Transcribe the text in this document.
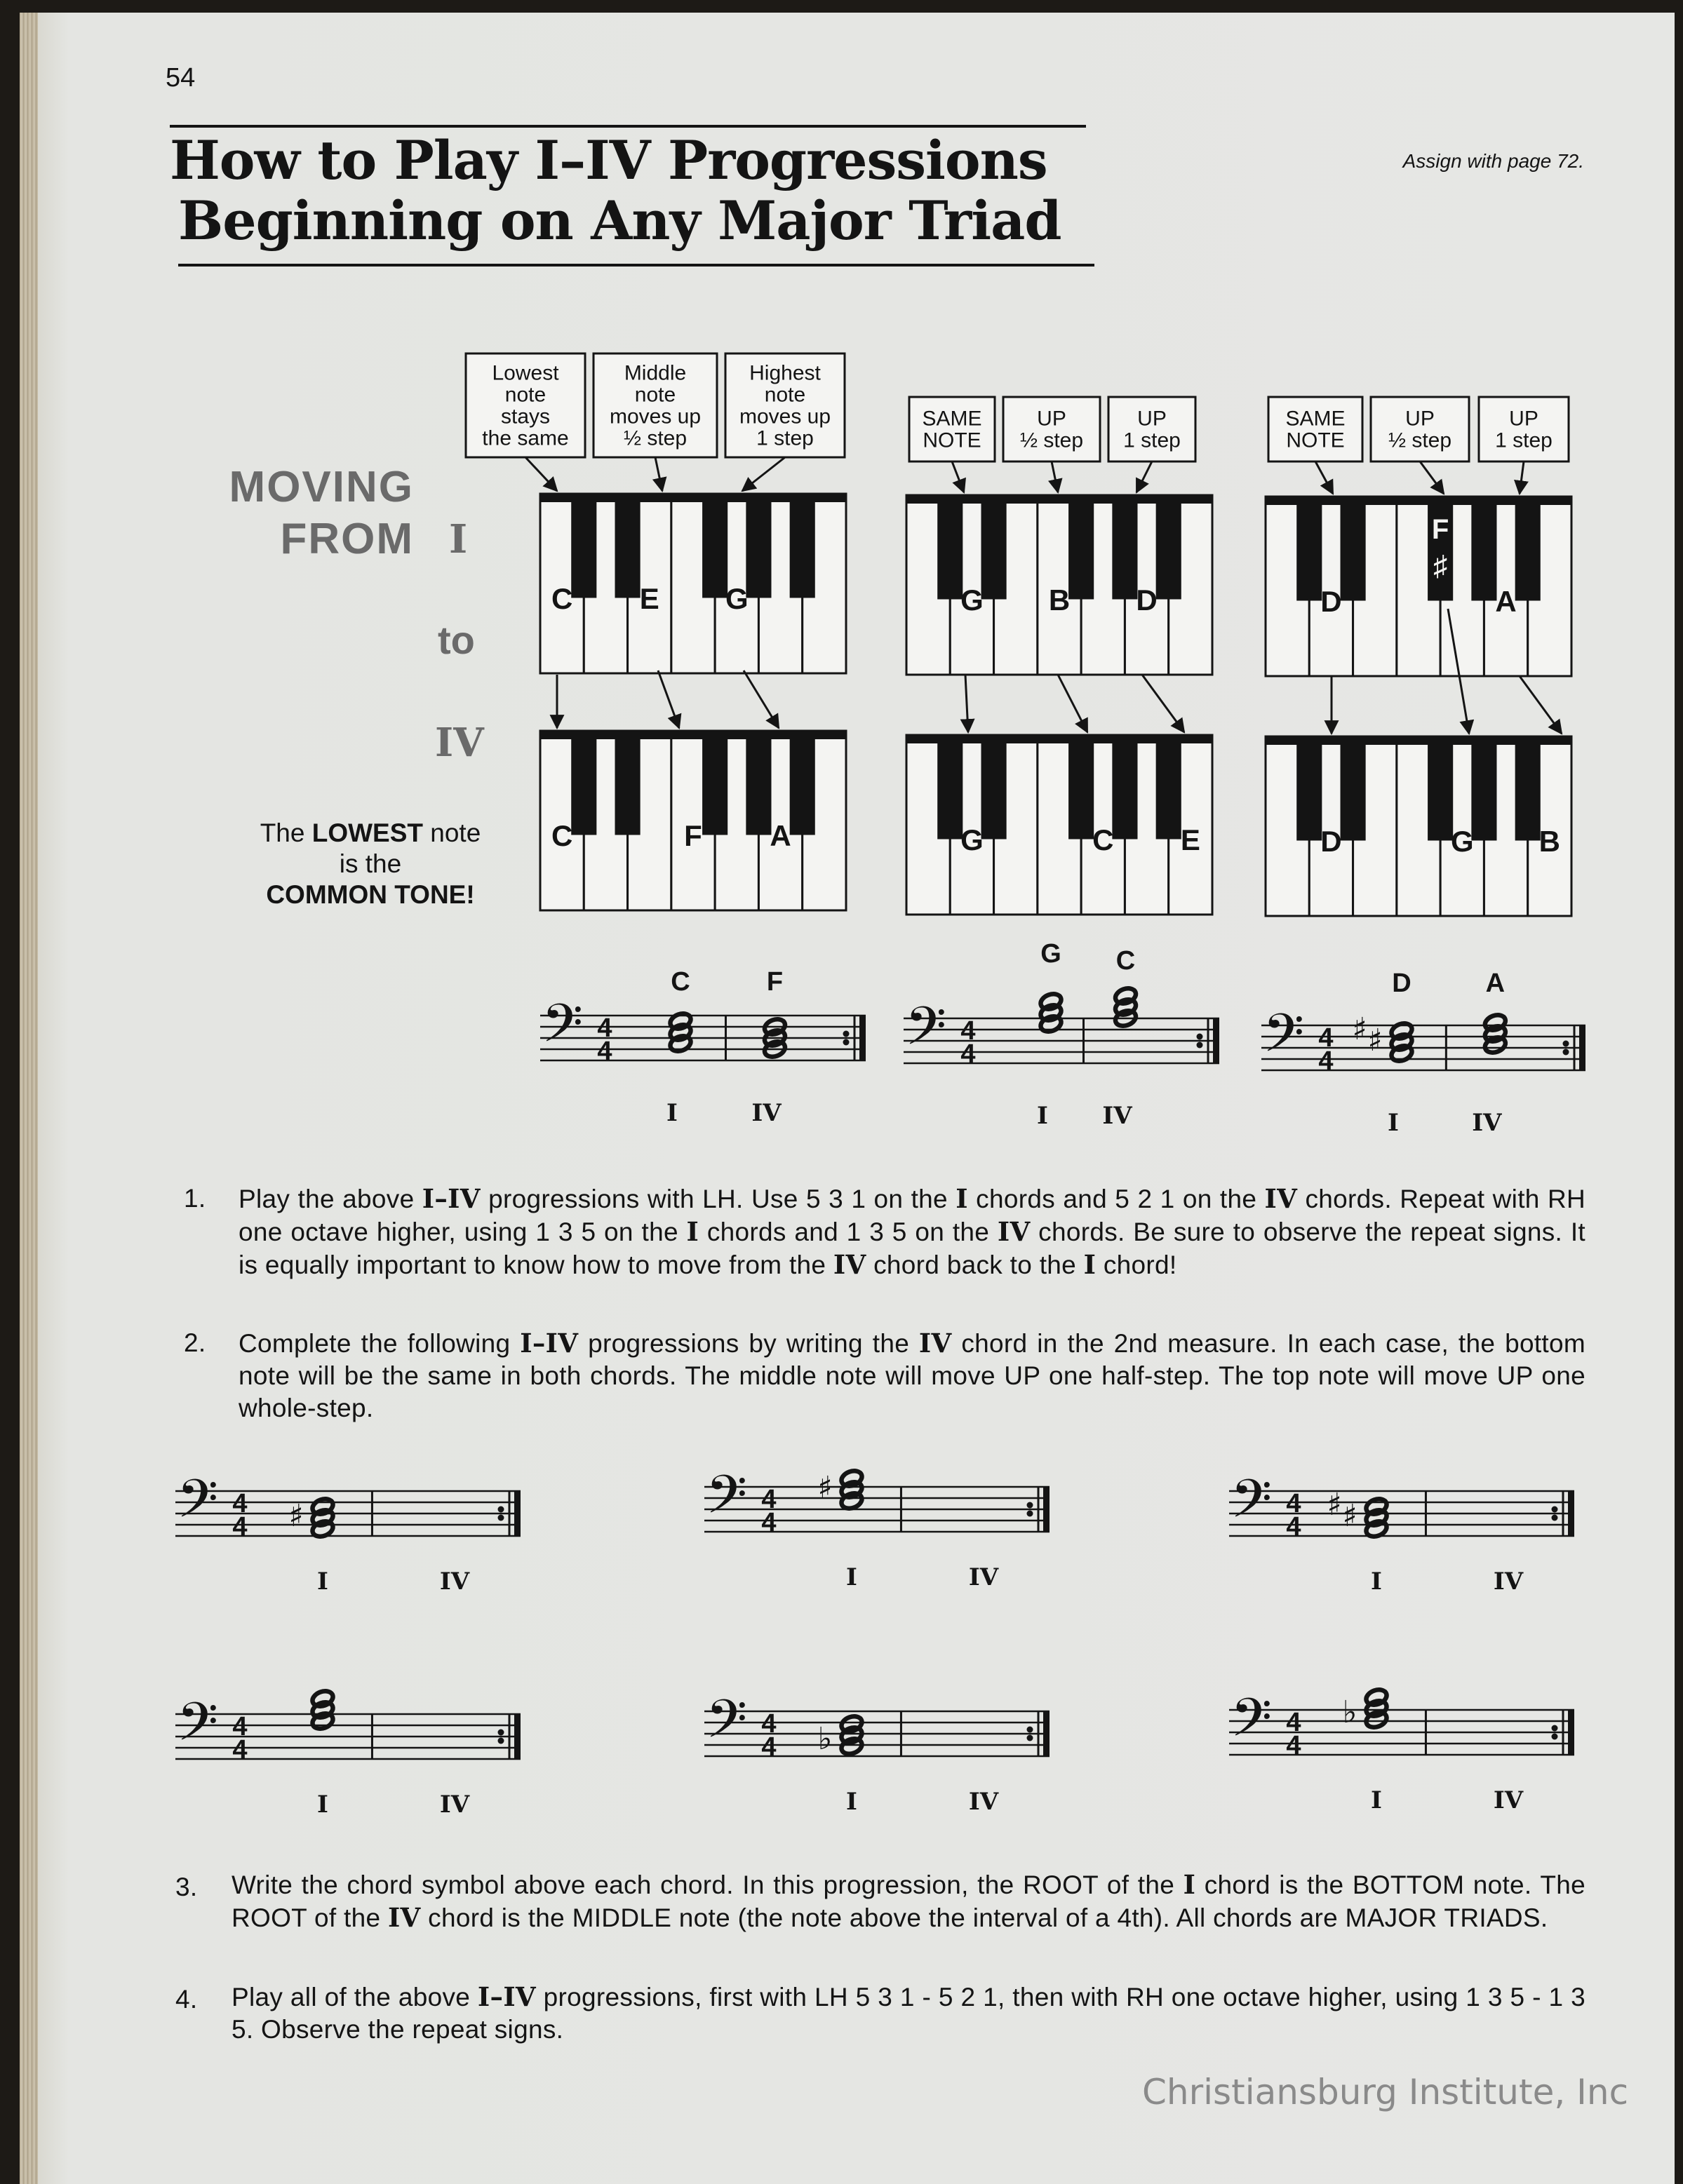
54
How to Play I–IV Progressions
Beginning on Any Major Triad
Assign with page 72.
MOVING
FROM I
to
IV
The LOWEST note
is the
COMMON TONE!
C E G
C	F A
G B D
G	C E
D
F
♯
A
D	G B
Lowest
note
stays
the same
Middle
note
moves up
½ step
Highest
note
moves up
1 step
SAME
NOTE
UP
½ step
UP
1 step
SAME
NOTE
UP
½ step
UP
1 step
𝄢 4
4
C	F
I	IV
𝄢 4
4
G C
I IV
𝄢 4
4
♯
♯
D	A
I	IV
𝄢 4
4 ♯
I	IV
𝄢 4
4
♯
I	IV
𝄢 4
4 ♯
♯
I	IV
𝄢 4
4
I	IV
𝄢 4
4 ♭
I	IV
𝄢 4
4
♭
I	IV
1. Play the above I–IV progressions with LH. Use 5 3 1 on the I chords and 5 2 1 on the IV chords. Repeat with RH one octave higher, using 1 3 5 on the I chords and 1 3 5 on the IV chords. Be sure to observe the repeat signs. It is equally important to know how to move from the IV chord back to the I chord!
2. Complete the following I–IV progressions by writing the IV chord in the 2nd measure. In each case, the bottom note will be the same in both chords. The middle note will move UP one half-step. The top note will move UP one whole-step.
3. Write the chord symbol above each chord. In this progression, the ROOT of the I chord is the BOTTOM note. The ROOT of the IV chord is the MIDDLE note (the note above the interval of a 4th). All chords are MAJOR TRIADS.
4. Play all of the above I–IV progressions, first with LH 5 3 1 - 5 2 1, then with RH one octave higher, using 1 3 5 - 1 3 5. Observe the repeat signs.
Christiansburg Institute, Inc
